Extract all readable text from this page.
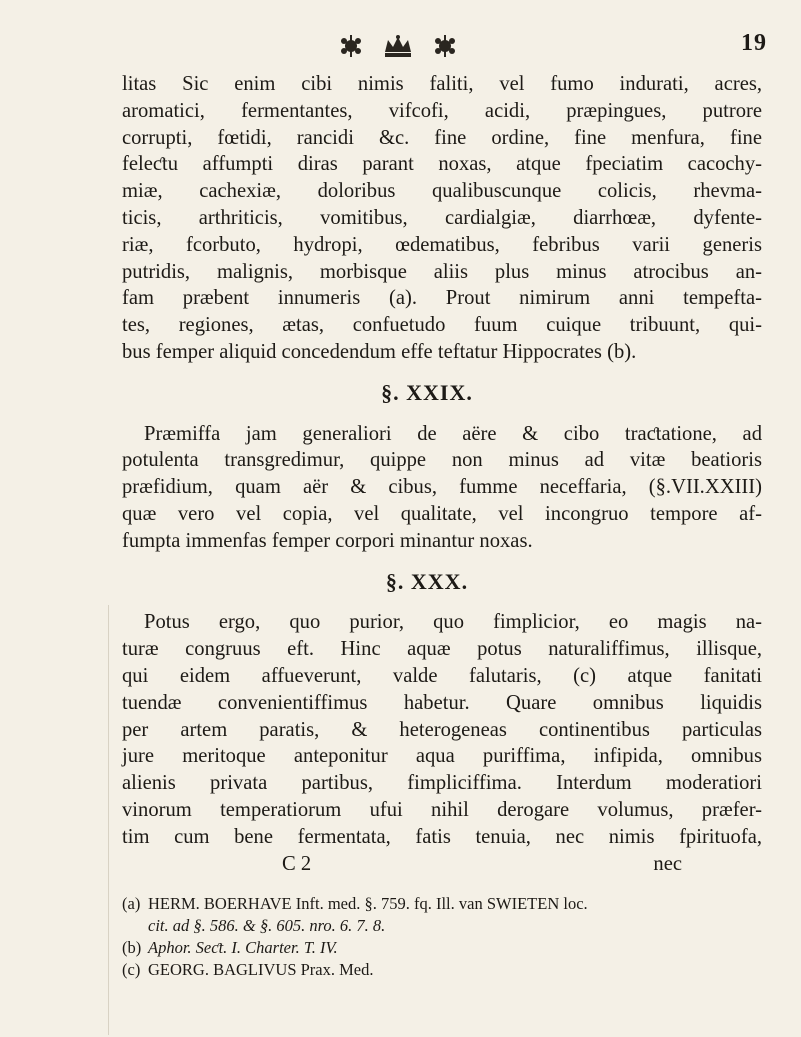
19
litas Sic enim cibi nimis faliti, vel fumo indurati, acres,
aromatici, fermentantes, vifcofi, acidi, præpingues, putrore
corrupti, fœtidi, rancidi &c. fine ordine, fine menfura, fine
feleƈtu affumpti diras parant noxas, atque fpeciatim cacochy-
miæ, cachexiæ, doloribus qualibuscunque colicis, rhevma-
ticis, arthriticis, vomitibus, cardialgiæ, diarrhœæ, dyfente-
riæ, fcorbuto, hydropi, œdematibus, febribus varii generis
putridis, malignis, morbisque aliis plus minus atrocibus an-
fam præbent innumeris (a). Prout nimirum anni tempefta-
tes, regiones, ætas, confuetudo fuum cuique tribuunt, qui-
bus femper aliquid concedendum effe teftatur Hippocrates (b).
§. XXIX.
Præmiffa jam generaliori de aëre & cibo traƈtatione, ad
potulenta transgredimur, quippe non minus ad vitæ beatioris
præfidium, quam aër & cibus, fumme neceffaria, (§.VII.XXIII)
quæ vero vel copia, vel qualitate, vel incongruo tempore af-
fumpta immenfas femper corpori minantur noxas.
§. XXX.
Potus ergo, quo purior, quo fimplicior, eo magis na-
turæ congruus eft. Hinc aquæ potus naturaliffimus, illisque,
qui eidem affueverunt, valde falutaris, (c) atque fanitati
tuendæ convenientiffimus habetur. Quare omnibus liquidis
per artem paratis, & heterogeneas continentibus particulas
jure meritoque anteponitur aqua puriffima, infipida, omnibus
alienis privata partibus, fimpliciffima. Interdum moderatiori
vinorum temperatiorum ufui nihil derogare volumus, præfer-
tim cum bene fermentata, fatis tenuia, nec nimis fpirituofa,
C 2	nec
(a) HERM. BOERHAVE Inft. med. §. 759. fq. Ill. van SWIETEN loc.
cit. ad §. 586. & §. 605. nro. 6. 7. 8.
(b) Aphor. Seƈt. I. Charter. T. IV.
(c) GEORG. BAGLIVUS Prax. Med.
